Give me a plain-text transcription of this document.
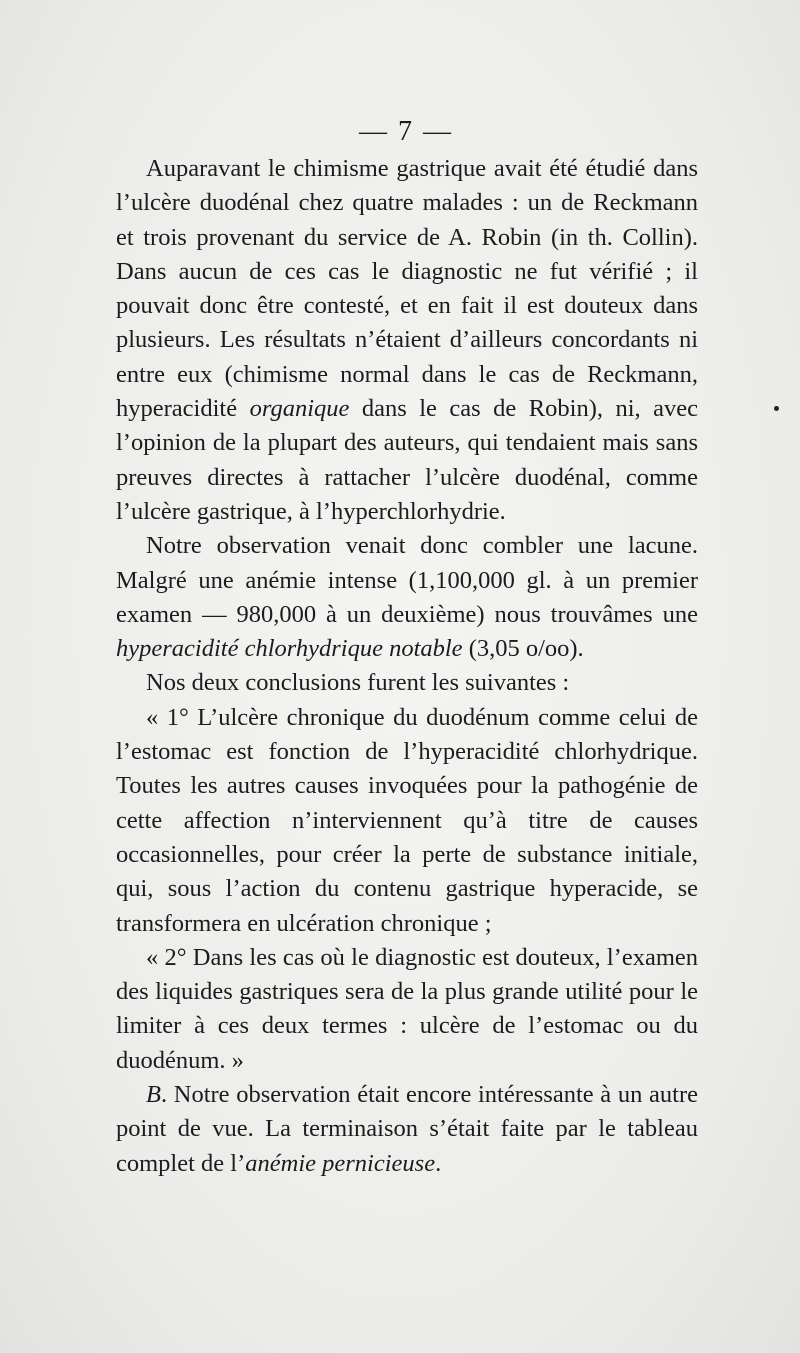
— 7 —

Auparavant le chimisme gastrique avait été étudié dans l’ulcère duodénal chez quatre malades : un de Reckmann et trois provenant du service de A. Robin (in th. Collin). Dans aucun de ces cas le diagnostic ne fut vérifié ; il pouvait donc être contesté, et en fait il est douteux dans plusieurs. Les résultats n’étaient d’ailleurs concordants ni entre eux (chimisme normal dans le cas de Reckmann, hyperacidité organique dans le cas de Robin), ni, avec l’opinion de la plupart des auteurs, qui tendaient mais sans preuves directes à rattacher l’ulcère duodénal, comme l’ulcère gastrique, à l’hyperchlorhydrie.

Notre observation venait donc combler une lacune. Malgré une anémie intense (1,100,000 gl. à un premier examen — 980,000 à un deuxième) nous trouvâmes une hyperacidité chlorhydrique notable (3,05 o/oo).

Nos deux conclusions furent les suivantes :

« 1° L’ulcère chronique du duodénum comme celui de l’estomac est fonction de l’hyperacidité chlorhydrique. Toutes les autres causes invoquées pour la pathogénie de cette affection n’interviennent qu’à titre de causes occasionnelles, pour créer la perte de substance initiale, qui, sous l’action du contenu gastrique hyperacide, se transformera en ulcération chronique ;

« 2° Dans les cas où le diagnostic est douteux, l’examen des liquides gastriques sera de la plus grande utilité pour le limiter à ces deux termes : ulcère de l’estomac ou du duodénum. »

B. Notre observation était encore intéressante à un autre point de vue. La terminaison s’était faite par le tableau complet de l’anémie pernicieuse.
